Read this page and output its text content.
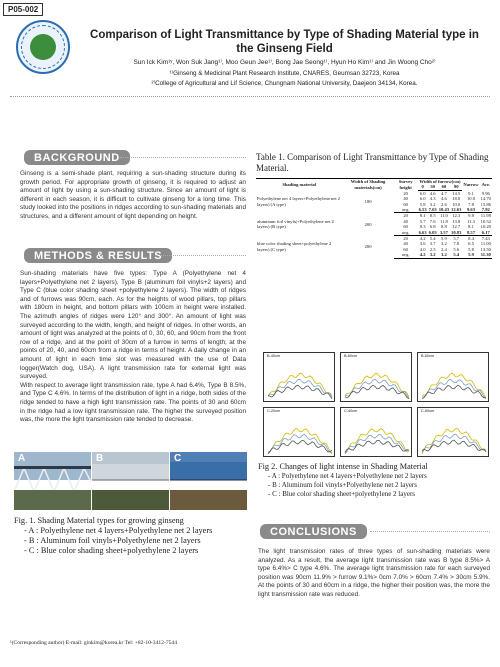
P05-002
Comparison of Light Transmittance by Type of Shading Material type in the Ginseng Field
Sun Ick Kim¹ʸ, Won Suk Jang¹⁾, Moo Geun Jee¹⁾, Bong Jae Seong¹⁾, Hyun Ho Kim¹⁾ and Jin Woong Cho²⁾
¹⁾Ginseng & Medicinal Plant Research Institute, CNARES, Geumsan 32723, Korea
²⁾College of Agricultural and Lif Science, Chungnam National University, Daejeon 34134, Korea.
BACKGROUND
Ginseng is a semi-shade plant, requiring a sun-shading structure during its growth period. For appropriate growth of ginseng, it is required to adjust an amount of light by using a sun-shading structure. Since an amount of light is different in each season, it is difficult to cultivate ginseng for a long time. This study looked into the positions in ridges according to sun-shading materials and structures, and a different amount of light depending on height.
METHODS & RESULTS
Sun-shading materials have five types: Type A (Polyethylene net 4 layers+Polyethylene net 2 layers), Type B (aluminum foil vinyls+2 layers) and Type C (blue color shading sheet +polyethylene 2 layers). The width of ridges and of furrows was 90cm, each. As for the heights of wood pillars, top pillars with 180cm in height, and bottom pillars with 100cm in height were installed. The azimuth angles of ridges were 120° and 300°. An amount of light was surveyed according to the width, length, and height of ridges. In other words, an amount of light was analyzed at the points of 0, 30, 60, and 90cm from the front row of a ridge, and at the point of 30cm of a furrow in terms of length; at the points of 20, 40, and 60cm from a ridge in terms of height. A daily change in an amount of light in each time slot was measured with the use of Data logger(Watch dog, USA). A light transmission rate for external light was surveyed.
With respect to average light transmission rate, type A had 6.4%, Type B 8.5%, and Type C 4.6%. In terms of the distribution of light in a ridge, both sides of the ridge tended to have a high light transmission rate. The points of 30 and 60cm in the ridge had a low light transmission rate. The higher the surveyed position was, the more the light transmission rate tended to decrease.
Table 1. Comparison of Light Transmittance by Type of Shading Material.
Shading material	Width of Shading materials(cm)	Survey height	Width of furrow(cm)				Narrow	Ave.
			0	30	60	90		
Polyethylene net 4 layers+Polyethylene net 2 layers) (A type)	180	20	6.0	4.6	4.7	14.5	9.1	9.96
		40	6.0	4.3	4.6	18.0	10.0	14.70
		60	5.8	3.2	2.6	10.0	7.8	15.86
		avg.	6.53	7.63	10.43	12.63	9.63	7.92
aluminum foil vinyls(+Polyethylene net 2 layers) (B type)	200	20	8.1	8.5	11.0	12.3	9.8	11.98
		40	5.7	7.6	11.8	13.8	11.3	10.52
		60	8.3	6.8	8.8	12.7	8.1	10.20
		avg.	6.63	6.03	3.57	10.83	8.57	6.17
blue color shading sheet+polyethylene 2 layers) (C type)	200	20	4.2	5.4	5.9	5.7	8.4	7.43
		40	3.6	3.7	3.2	7.8	6.5	11.00
		60	4.0	2.5	2.4	5.6	5.8	13.50
		avg.	4.2	3.2	3.2	5.4	5.9	11.30
B-40cm	B-60cm	B-60cm
C-20cm	C-40cm	C-60cm
Fig 2. Changes of light intense in Shading Material
- A : Polyethylene net 4 layers+Polyethylene net 2 layers
- B : Aluminum foil vinyls+Polyethylene net 2 layers
- C : Blue color shading sheet+polyethylene 2 layers
A	B	C
Fig. 1. Shading Material types for growing ginseng
- A : Polyethylene net 4 layers+Polyethylene net 2 layers
- B : Aluminum foil vinyls+Polyethylene net 2 layers
- C : Blue color shading sheet+polyethylene 2 layers
CONCLUSIONS
The light transmission rates of three types of sun-shading materials were analyzed. As a result, the average light transmission rate was B type 8.5%> A type 6.4%> C type 4.6%. The average light transmission rate for each surveyed position was 90cm 11.9% > furrow 9.1%> 0cm 7.0% > 60cm 7.4% > 30cm 5.9%. At the points of 30 and 60cm in a ridge, the higher their position was, the more the light transmission rate was reduced.
¹(Corresponding author) E-mail: ginkim@korea.kr Tel: +82-10-3412-7544
